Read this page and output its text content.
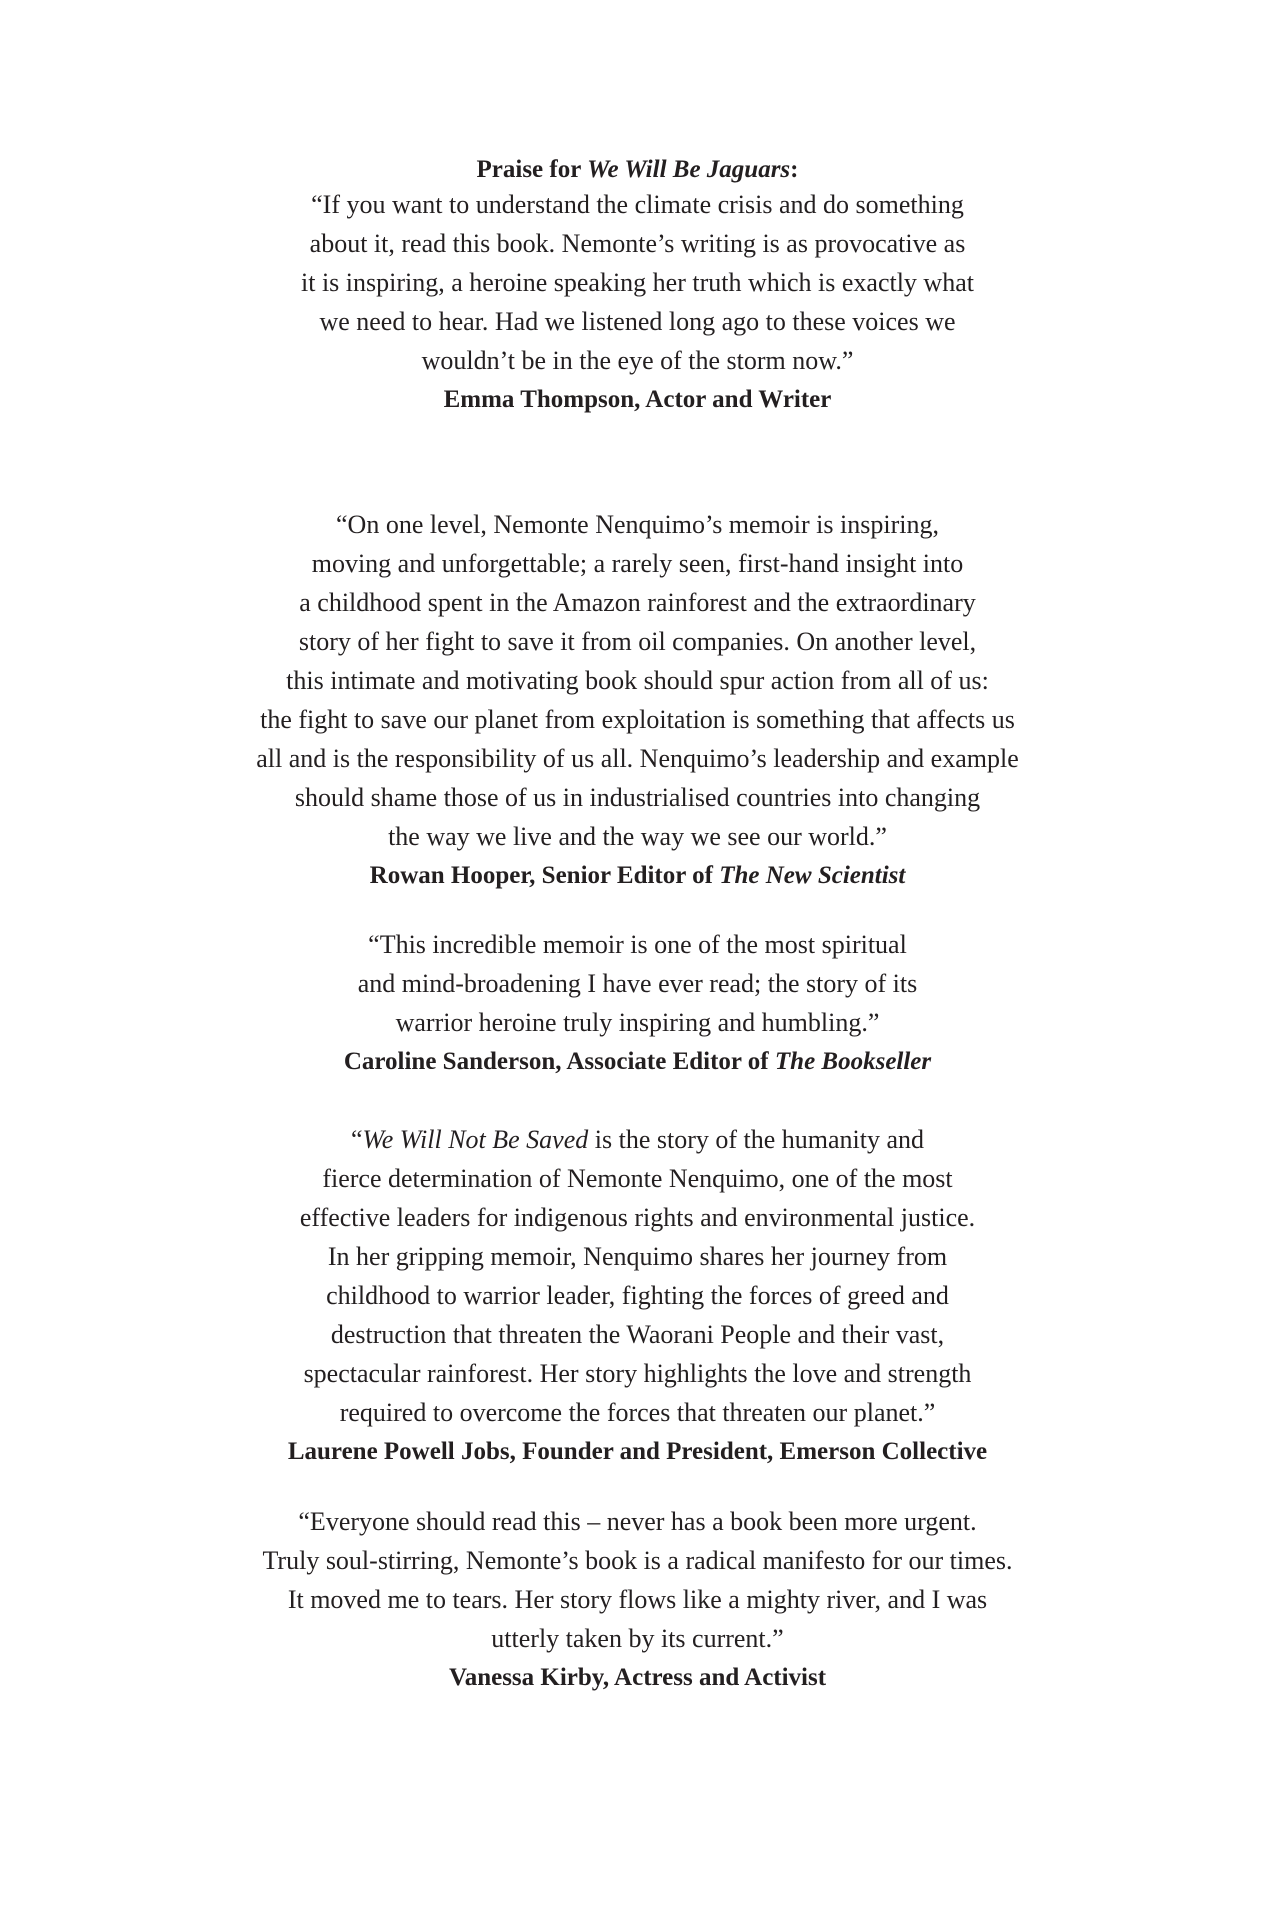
Praise for We Will Be Jaguars:
“If you want to understand the climate crisis and do something
about it, read this book. Nemonte’s writing is as provocative as
it is inspiring, a heroine speaking her truth which is exactly what
we need to hear. Had we listened long ago to these voices we
wouldn’t be in the eye of the storm now.”
Emma Thompson, Actor and Writer
“On one level, Nemonte Nenquimo’s memoir is inspiring,
moving and unforgettable; a rarely seen, first-hand insight into
a childhood spent in the Amazon rainforest and the extraordinary
story of her fight to save it from oil companies. On another level,
this intimate and motivating book should spur action from all of us:
the fight to save our planet from exploitation is something that affects us
all and is the responsibility of us all. Nenquimo’s leadership and example
should shame those of us in industrialised countries into changing
the way we live and the way we see our world.”
Rowan Hooper, Senior Editor of The New Scientist
“This incredible memoir is one of the most spiritual
and mind-broadening I have ever read; the story of its
warrior heroine truly inspiring and humbling.”
Caroline Sanderson, Associate Editor of The Bookseller
“We Will Not Be Saved is the story of the humanity and
fierce determination of Nemonte Nenquimo, one of the most
effective leaders for indigenous rights and environmental justice.
In her gripping memoir, Nenquimo shares her journey from
childhood to warrior leader, fighting the forces of greed and
destruction that threaten the Waorani People and their vast,
spectacular rainforest. Her story highlights the love and strength
required to overcome the forces that threaten our planet.”
Laurene Powell Jobs, Founder and President, Emerson Collective
“Everyone should read this – never has a book been more urgent.
Truly soul-stirring, Nemonte’s book is a radical manifesto for our times.
It moved me to tears. Her story flows like a mighty river, and I was
utterly taken by its current.”
Vanessa Kirby, Actress and Activist
